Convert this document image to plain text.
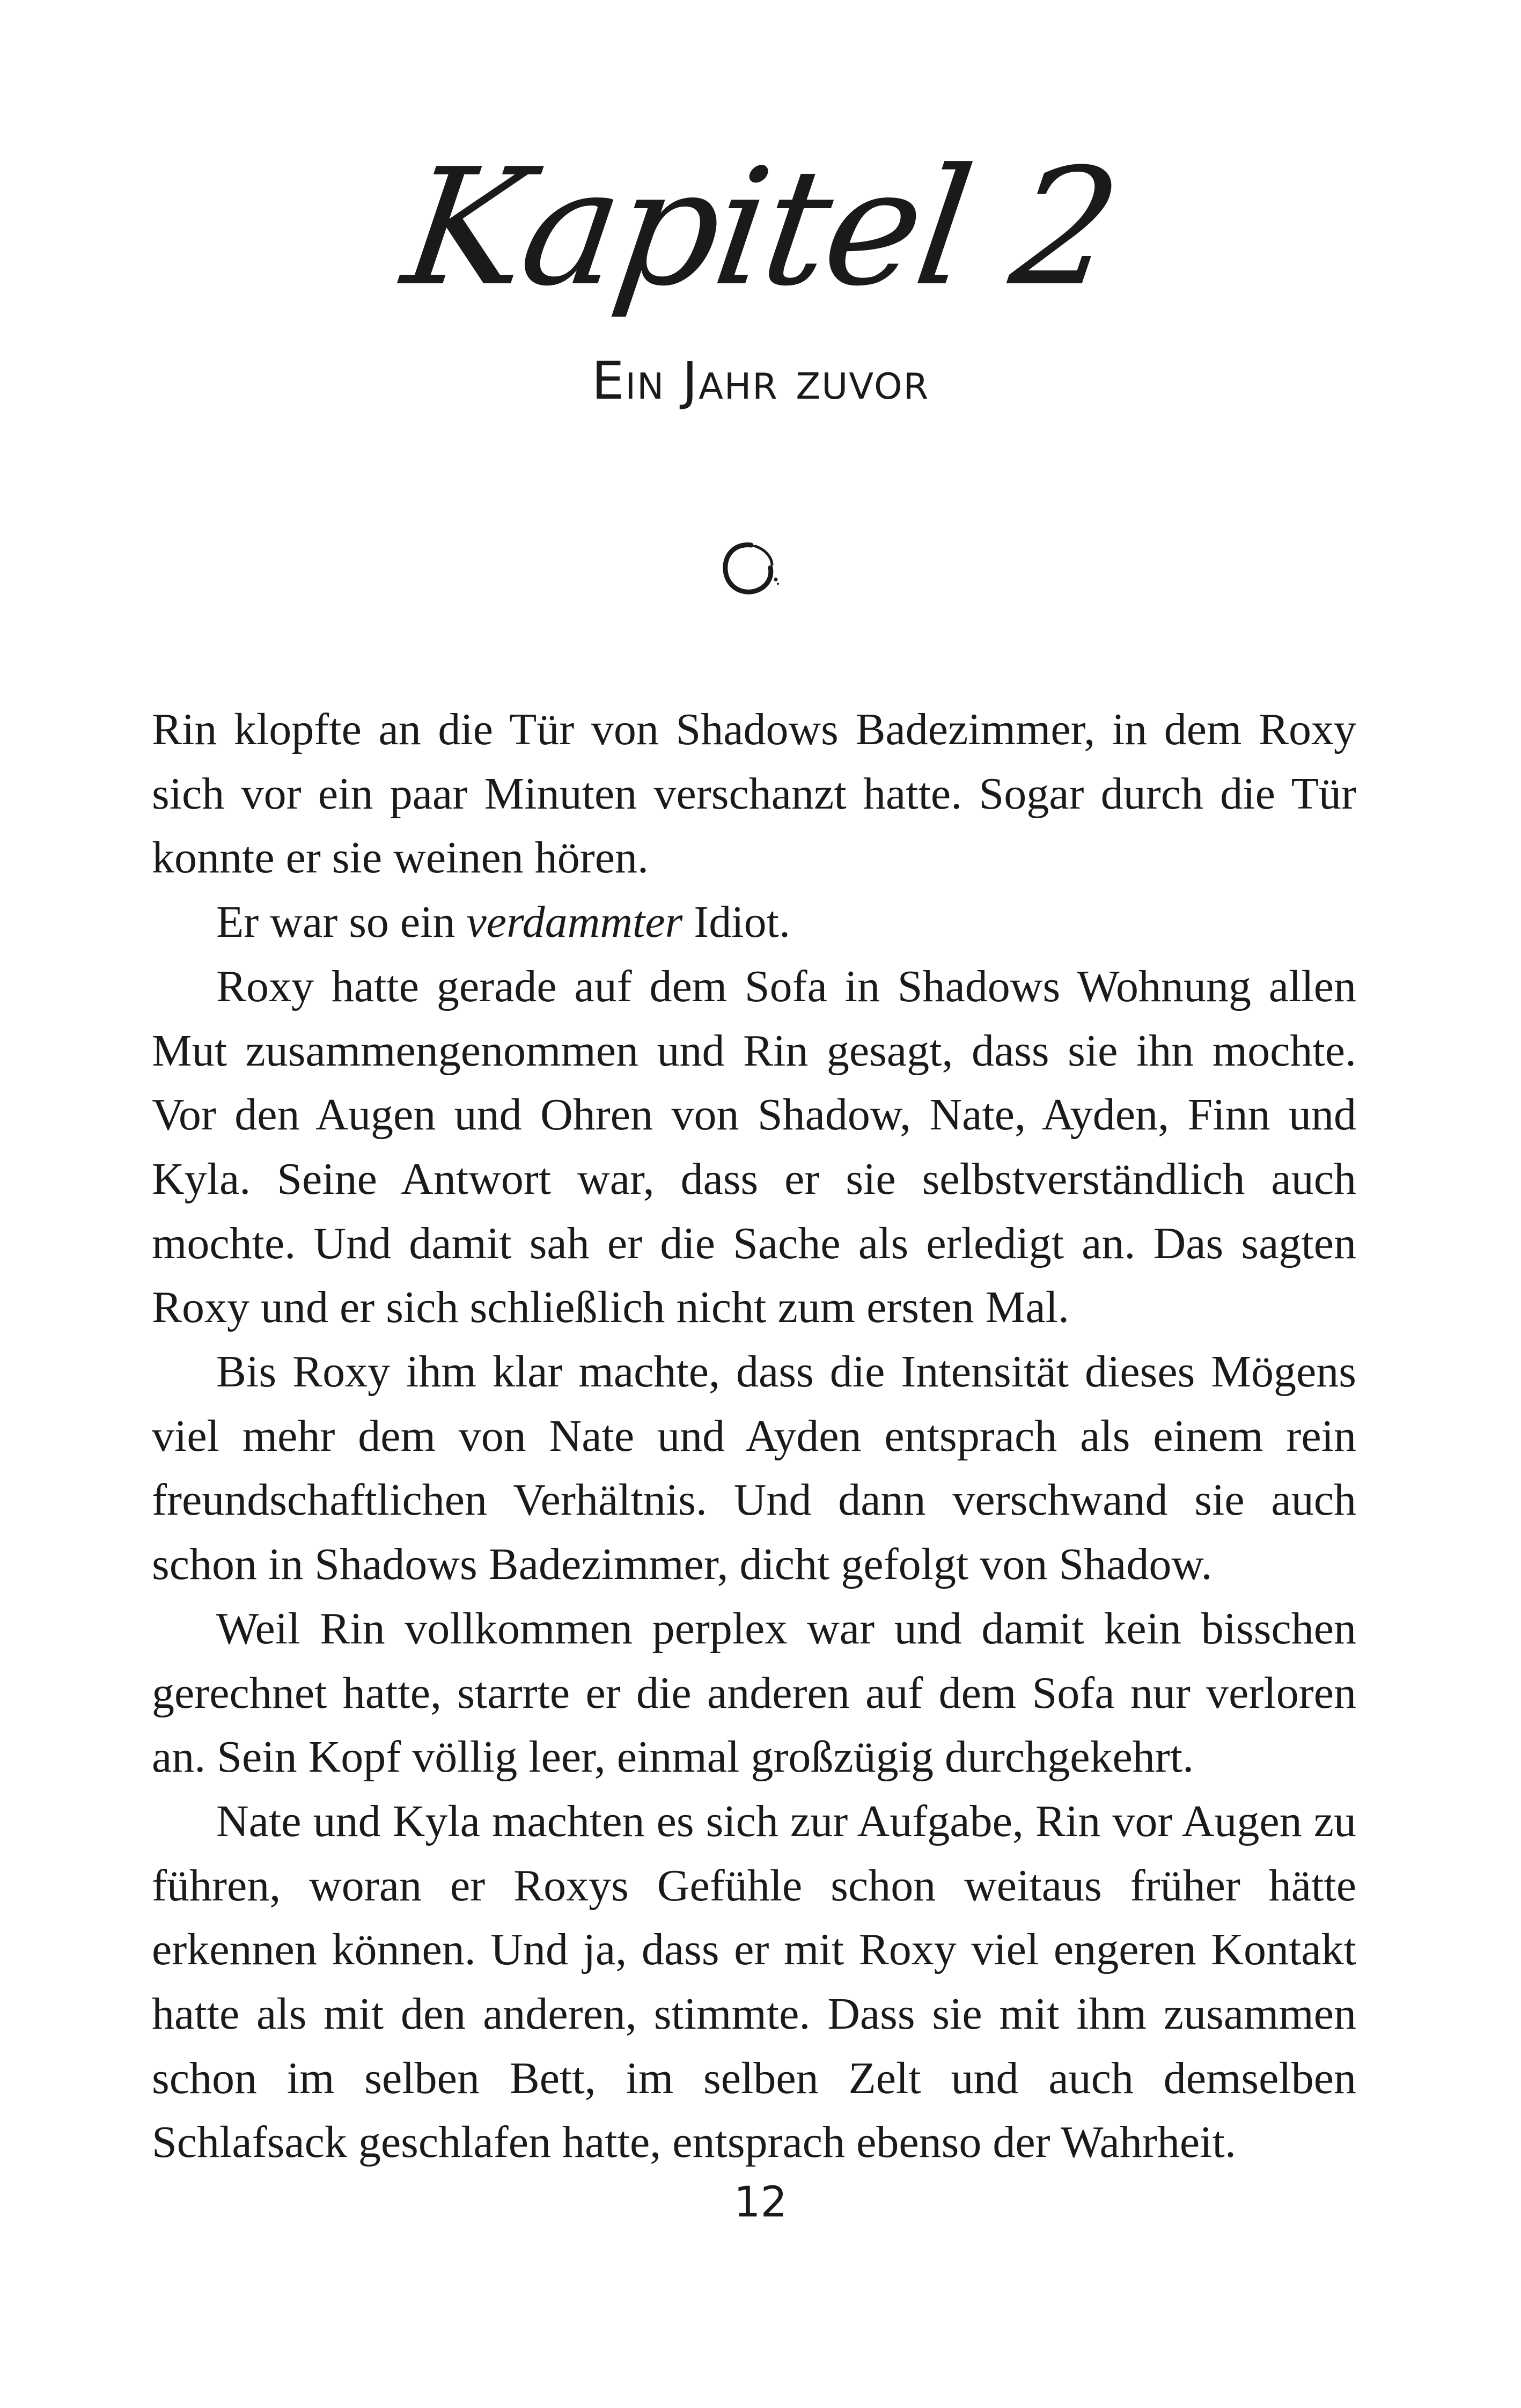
Kapitel 2
Ein Jahr zuvor

Rin klopfte an die Tür von Shadows Badezimmer, in dem Roxy sich vor ein paar Minuten verschanzt hatte. Sogar durch die Tür konnte er sie weinen hören.

Er war so ein verdammter Idiot.

Roxy hatte gerade auf dem Sofa in Shadows Wohnung allen Mut zusammengenommen und Rin gesagt, dass sie ihn mochte. Vor den Augen und Ohren von Shadow, Nate, Ayden, Finn und Kyla. Seine Antwort war, dass er sie selbstverständlich auch mochte. Und damit sah er die Sache als erledigt an. Das sagten Roxy und er sich schließlich nicht zum ersten Mal.

Bis Roxy ihm klar machte, dass die Intensität dieses Mögens viel mehr dem von Nate und Ayden entsprach als einem rein freundschaftlichen Verhältnis. Und dann verschwand sie auch schon in Shadows Badezimmer, dicht gefolgt von Shadow.

Weil Rin vollkommen perplex war und damit kein bisschen gerechnet hatte, starrte er die anderen auf dem Sofa nur verloren an. Sein Kopf völlig leer, einmal großzügig durchgekehrt.

Nate und Kyla machten es sich zur Aufgabe, Rin vor Augen zu führen, woran er Roxys Gefühle schon weitaus früher hätte erkennen können. Und ja, dass er mit Roxy viel engeren Kontakt hatte als mit den anderen, stimmte. Dass sie mit ihm zusammen schon im selben Bett, im selben Zelt und auch demselben Schlafsack geschlafen hatte, entsprach ebenso der Wahrheit.

12
